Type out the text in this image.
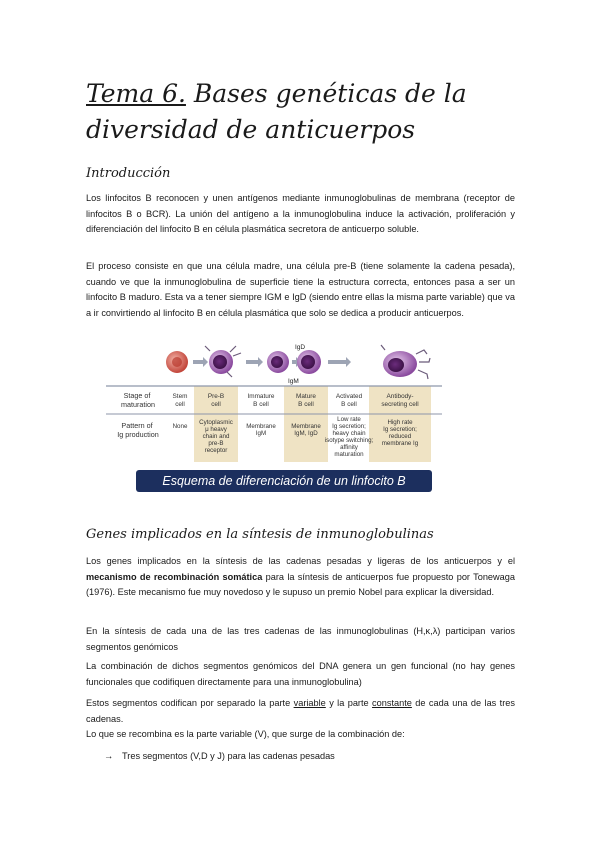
Tema 6. Bases genéticas de la diversidad de anticuerpos
Introducción
Los linfocitos B reconocen y unen antígenos mediante inmunoglobulinas de membrana (receptor de linfocitos B o BCR). La unión del antígeno a la inmunoglobulina induce la activación, proliferación y diferenciación del linfocito B en célula plasmática secretora de anticuerpo soluble.
El proceso consiste en que una célula madre, una célula pre-B (tiene solamente la cadena pesada), cuando ve que la inmunoglobulina de superficie tiene la estructura correcta, entonces pasa a ser un linfocito B maduro. Esta va a tener siempre IGM e IgD (siendo entre ellas la misma parte variable) que va a ir convirtiendo al linfocito B en célula plasmática que solo se dedica a producir anticuerpos.
IgD
IgM
Stage of maturation
Stem cell
Pre-B cell
Immature B cell
Mature B cell
Activated B cell
Antibody-secreting cell
Pattern of Ig production
None
Cytoplasmic μ heavy chain and pre-B receptor
Membrane IgM
Membrane IgM, IgD
Low rate Ig secretion; heavy chain isotype switching; affinity maturation
High rate Ig secretion; reduced membrane Ig
Esquema de diferenciación de un linfocito B
Genes implicados en la síntesis de inmunoglobulinas
Los genes implicados en la síntesis de las cadenas pesadas y ligeras de los anticuerpos y el mecanismo de recombinación somática para la síntesis de anticuerpos fue propuesto por Tonewaga (1976). Este mecanismo fue muy novedoso y le supuso un premio Nobel para explicar la diversidad.
En la síntesis de cada una de las tres cadenas de las inmunoglobulinas (H,κ,λ) participan varios segmentos genómicos
La combinación de dichos segmentos genómicos del DNA genera un gen funcional (no hay genes funcionales que codifiquen directamente para una inmunoglobulina)
Estos segmentos codifican por separado la parte variable y la parte constante de cada una de las tres cadenas.
Lo que se recombina es la parte variable (V), que surge de la combinación de:
→ Tres segmentos (V,D y J) para las cadenas pesadas
